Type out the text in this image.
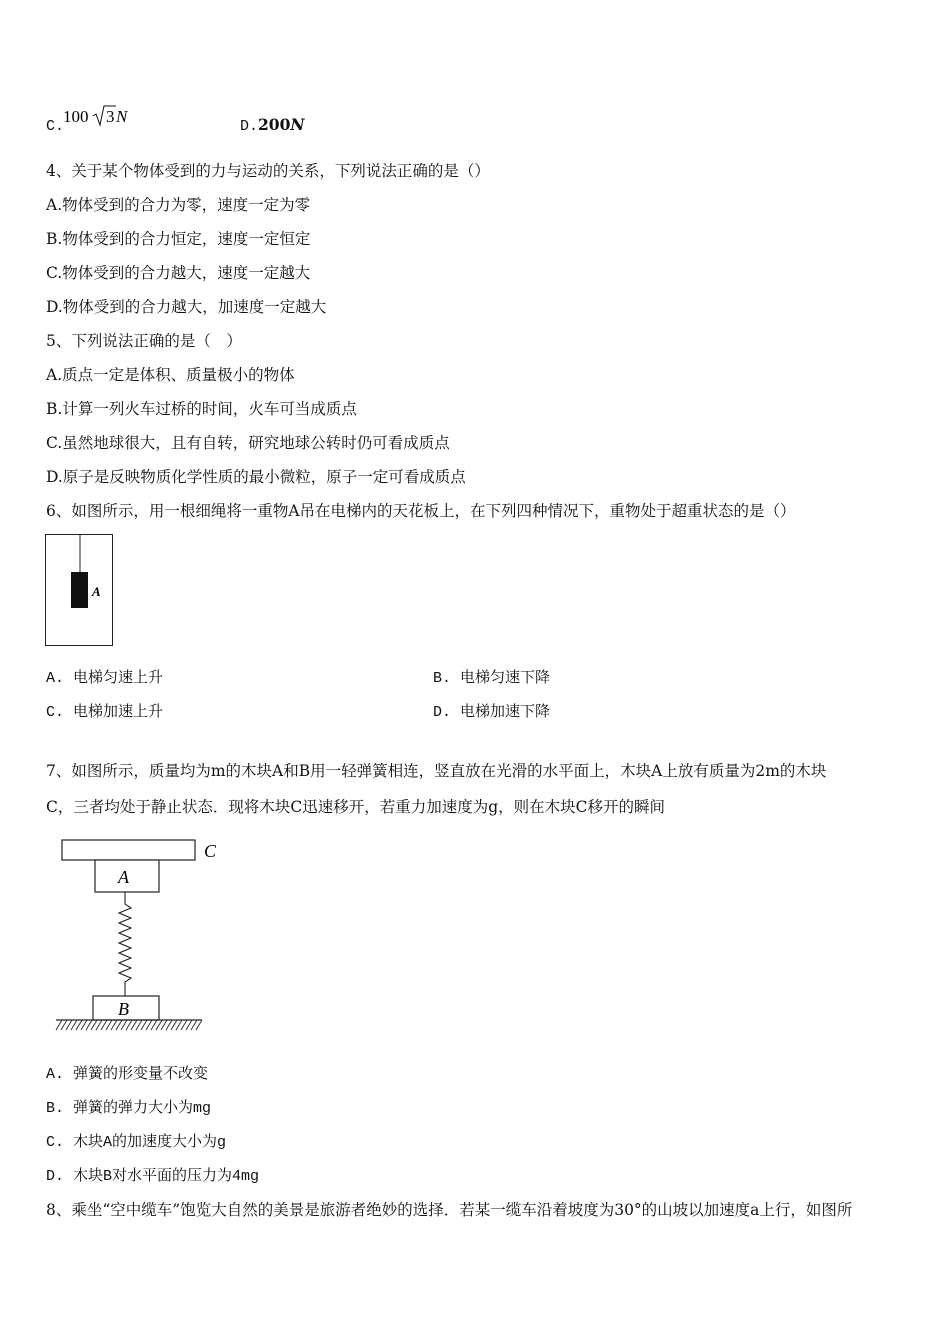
C.
100 3 N
D.200N
4、关于某个物体受到的力与运动的关系，下列说法正确的是（）
A.物体受到的合力为零，速度一定为零
B.物体受到的合力恒定，速度一定恒定
C.物体受到的合力越大，速度一定越大
D.物体受到的合力越大，加速度一定越大
5、下列说法正确的是（　）
A.质点一定是体积、质量极小的物体
B.计算一列火车过桥的时间，火车可当成质点
C.虽然地球很大，且有自转，研究地球公转时仍可看成质点
D.原子是反映物质化学性质的最小微粒，原子一定可看成质点
6、如图所示，用一根细绳将一重物A吊在电梯内的天花板上，在下列四种情况下，重物处于超重状态的是（）
A
A. 电梯匀速上升	B. 电梯匀速下降
C. 电梯加速上升	D. 电梯加速下降
7、如图所示，质量均为m的木块A和B用一轻弹簧相连，竖直放在光滑的水平面上，木块A上放有质量为2m的木块
C，三者均处于静止状态．现将木块C迅速移开，若重力加速度为g，则在木块C移开的瞬间
C
A
B
A. 弹簧的形变量不改变
B. 弹簧的弹力大小为mg
C. 木块A的加速度大小为g
D. 木块B对水平面的压力为4mg
8、乘坐“空中缆车”饱览大自然的美景是旅游者绝妙的选择．若某一缆车沿着坡度为30°的山坡以加速度a上行，如图所
